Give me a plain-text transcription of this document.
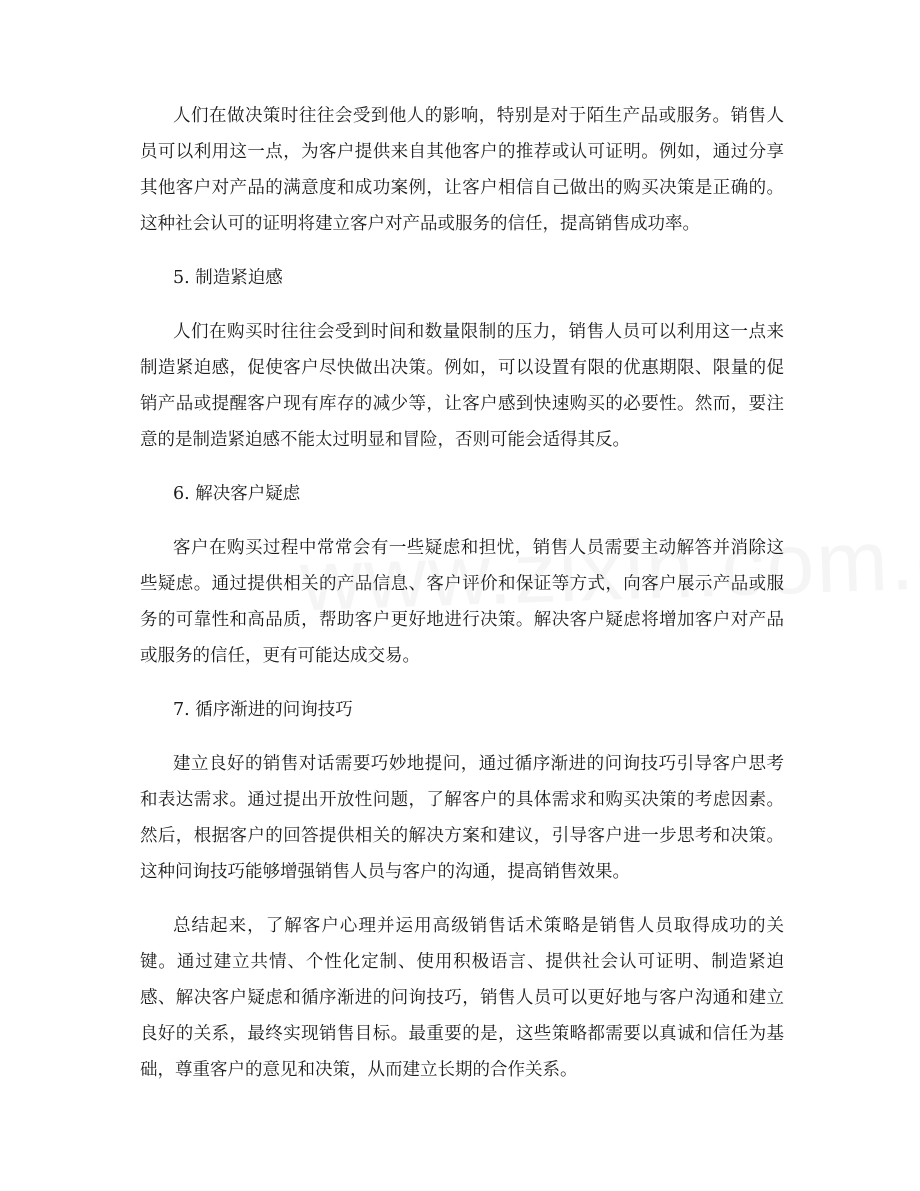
人们在做决策时往往会受到他人的影响，特别是对于陌生产品或服务。销售人员可以利用这一点，为客户提供来自其他客户的推荐或认可证明。例如，通过分享其他客户对产品的满意度和成功案例，让客户相信自己做出的购买决策是正确的。这种社会认可的证明将建立客户对产品或服务的信任，提高销售成功率。

5. 制造紧迫感

人们在购买时往往会受到时间和数量限制的压力，销售人员可以利用这一点来制造紧迫感，促使客户尽快做出决策。例如，可以设置有限的优惠期限、限量的促销产品或提醒客户现有库存的减少等，让客户感到快速购买的必要性。然而，要注意的是制造紧迫感不能太过明显和冒险，否则可能会适得其反。

6. 解决客户疑虑

客户在购买过程中常常会有一些疑虑和担忧，销售人员需要主动解答并消除这些疑虑。通过提供相关的产品信息、客户评价和保证等方式，向客户展示产品或服务的可靠性和高品质，帮助客户更好地进行决策。解决客户疑虑将增加客户对产品或服务的信任，更有可能达成交易。

7. 循序渐进的问询技巧

建立良好的销售对话需要巧妙地提问，通过循序渐进的问询技巧引导客户思考和表达需求。通过提出开放性问题，了解客户的具体需求和购买决策的考虑因素。然后，根据客户的回答提供相关的解决方案和建议，引导客户进一步思考和决策。这种问询技巧能够增强销售人员与客户的沟通，提高销售效果。

总结起来，了解客户心理并运用高级销售话术策略是销售人员取得成功的关键。通过建立共情、个性化定制、使用积极语言、提供社会认可证明、制造紧迫感、解决客户疑虑和循序渐进的问询技巧，销售人员可以更好地与客户沟通和建立良好的关系，最终实现销售目标。最重要的是，这些策略都需要以真诚和信任为基础，尊重客户的意见和决策，从而建立长期的合作关系。
